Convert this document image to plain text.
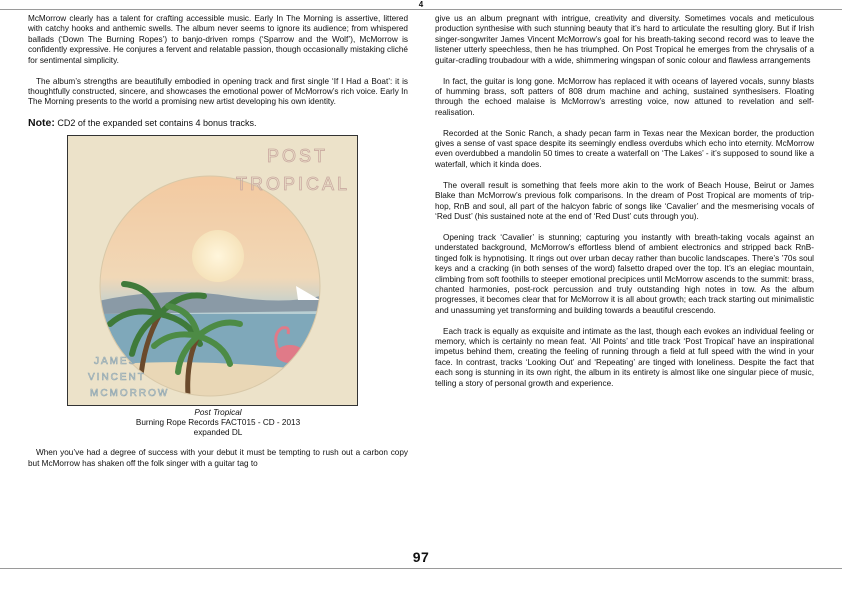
4

McMorrow clearly has a talent for crafting accessible music. Early In The Morning is assertive, littered with catchy hooks and anthemic swells. The album never seems to ignore its audience; from whispered ballads (‘Down The Burning Ropes’) to banjo-driven romps (‘Sparrow and the Wolf’), McMorrow is confidently expressive. He conjures a fervent and relatable passion, though occasionally mistaking cliché for sentimental simplicity.

The album’s strengths are beautifully embodied in opening track and first single ‘If I Had a Boat’: it is thoughtfully constructed, sincere, and showcases the emotional power of McMorrow’s rich voice. Early In The Morning presents to the world a promising new artist developing his own identity.

Note: CD2 of the expanded set contains 4 bonus tracks.
POST
TROPICAL
JAMES
VINCENT
MCMORROW
Post Tropical
Burning Rope Records FACT015 - CD - 2013
expanded DL

When you’ve had a degree of success with your debut it must be tempting to rush out a carbon copy but McMorrow has shaken off the folk singer with a guitar tag to

give us an album pregnant with intrigue, creativity and diversity. Sometimes vocals and meticulous production synthesise with such stunning beauty that it’s hard to articulate the resulting glory. But if Irish singer-songwriter James Vincent McMorrow’s goal for his breath-taking second record was to leave the listener utterly speechless, then he has triumphed. On Post Tropical he emerges from the chrysalis of a guitar-cradling troubadour with a wide, shimmering wingspan of sonic colour and flawless arrangements

In fact, the guitar is long gone. McMorrow has replaced it with oceans of layered vocals, sunny blasts of humming brass, soft patters of 808 drum machine and aching, sustained synthesisers. Floating through the echoed malaise is McMorrow’s arresting voice, now attuned to revelation and self-realisation.

Recorded at the Sonic Ranch, a shady pecan farm in Texas near the Mexican border, the production gives a sense of vast space despite its seemingly endless overdubs which echo into eternity. McMorrow even overdubbed a mandolin 50 times to create a waterfall on ‘The Lakes’ - it’s supposed to sound like a waterfall, which it kinda does.

The overall result is something that feels more akin to the work of Beach House, Beirut or James Blake than McMorrow’s previous folk comparisons. In the dream of Post Tropical are moments of trip-hop, RnB and soul, all part of the halcyon fabric of songs like ‘Cavalier’ and the mesmerising vocals of ‘Red Dust’ (his sustained note at the end of ‘Red Dust’ cuts through you).

Opening track ‘Cavalier’ is stunning; capturing you instantly with breath-taking vocals against an understated background, McMorrow’s effortless blend of ambient electronics and stripped back RnB-tinged folk is hypnotising. It rings out over urban decay rather than bucolic landscapes. There’s ’70s soul keys and a cracking (in both senses of the word) falsetto draped over the top. It’s an elegiac mountain, climbing from soft foothills to steeper emotional precipices until McMorrow ascends to the summit: brass, chanted harmonies, post-rock percussion and truly outstanding high notes in tow. As the album progresses, it becomes clear that for McMorrow it is all about growth; each track starting out minimalistic and unassuming yet transforming and building towards a beautiful crescendo.

Each track is equally as exquisite and intimate as the last, though each evokes an individual feeling or memory, which is certainly no mean feat. ‘All Points’ and title track ‘Post Tropical’ have an inspirational impetus behind them, creating the feeling of running through a field at full speed with the wind in your face. In contrast, tracks ‘Looking Out’ and ‘Repeating’ are tinged with loneliness. Despite the fact that each song is stunning in its own right, the album in its entirety is almost like one singular piece of music, telling a story of personal growth and experience.

97
